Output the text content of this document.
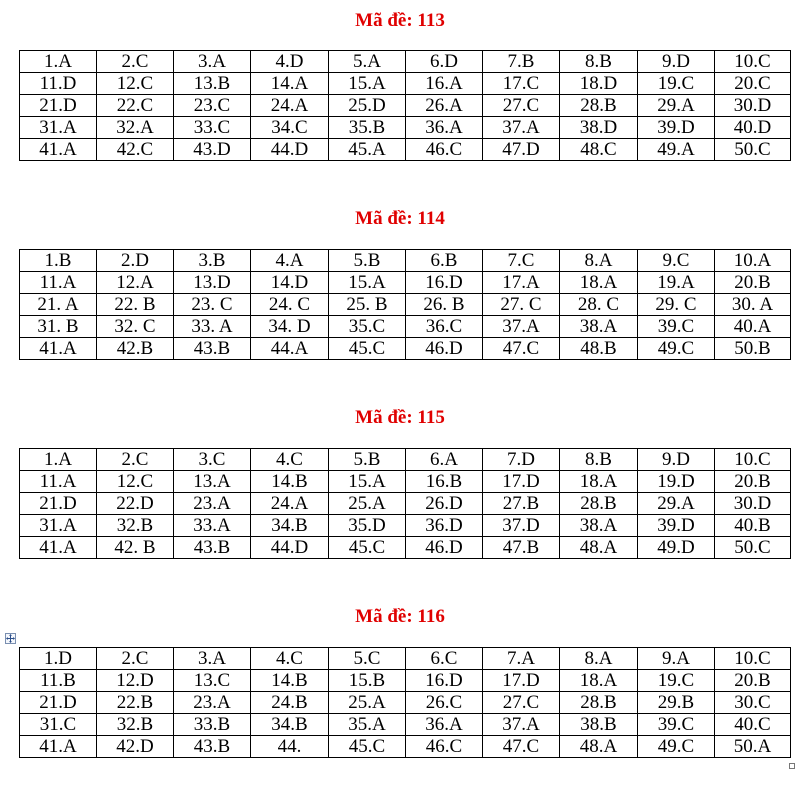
Mã đề: 113
1.A	2.C	3.A	4.D	5.A	6.D	7.B	8.B	9.D	10.C
11.D	12.C	13.B	14.A	15.A	16.A	17.C	18.D	19.C	20.C
21.D	22.C	23.C	24.A	25.D	26.A	27.C	28.B	29.A	30.D
31.A	32.A	33.C	34.C	35.B	36.A	37.A	38.D	39.D	40.D
41.A	42.C	43.D	44.D	45.A	46.C	47.D	48.C	49.A	50.C
Mã đề: 114
1.B	2.D	3.B	4.A	5.B	6.B	7.C	8.A	9.C	10.A
11.A	12.A	13.D	14.D	15.A	16.D	17.A	18.A	19.A	20.B
21. A	22. B	23. C	24. C	25. B	26. B	27. C	28. C	29. C	30. A
31. B	32. C	33. A	34. D	35.C	36.C	37.A	38.A	39.C	40.A
41.A	42.B	43.B	44.A	45.C	46.D	47.C	48.B	49.C	50.B
Mã đề: 115
1.A	2.C	3.C	4.C	5.B	6.A	7.D	8.B	9.D	10.C
11.A	12.C	13.A	14.B	15.A	16.B	17.D	18.A	19.D	20.B
21.D	22.D	23.A	24.A	25.A	26.D	27.B	28.B	29.A	30.D
31.A	32.B	33.A	34.B	35.D	36.D	37.D	38.A	39.D	40.B
41.A	42. B	43.B	44.D	45.C	46.D	47.B	48.A	49.D	50.C
Mã đề: 116
1.D	2.C	3.A	4.C	5.C	6.C	7.A	8.A	9.A	10.C
11.B	12.D	13.C	14.B	15.B	16.D	17.D	18.A	19.C	20.B
21.D	22.B	23.A	24.B	25.A	26.C	27.C	28.B	29.B	30.C
31.C	32.B	33.B	34.B	35.A	36.A	37.A	38.B	39.C	40.C
41.A	42.D	43.B	44.	45.C	46.C	47.C	48.A	49.C	50.A
